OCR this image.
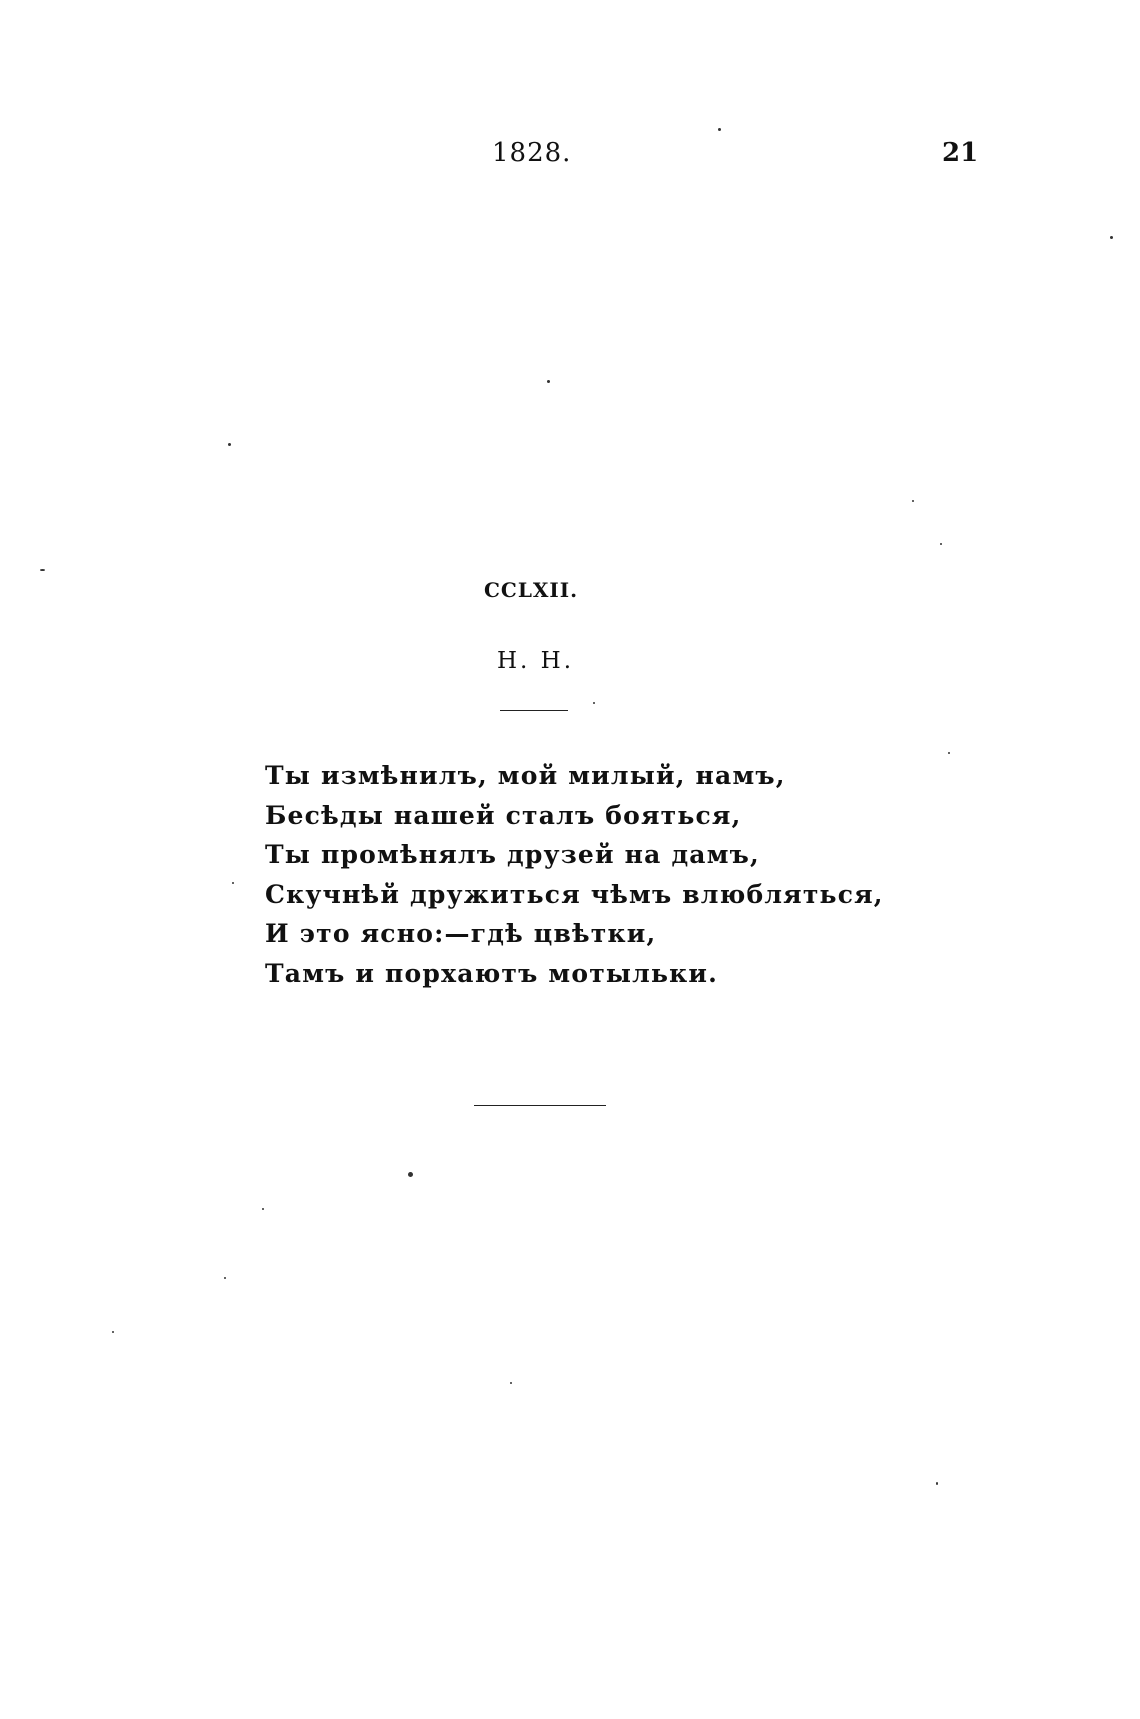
1828.	21
CCLXII.
Н. Н.
Ты измѣнилъ, мой милый, намъ,
Бесѣды нашей сталъ бояться,
Ты промѣнялъ друзей на дамъ,
Скучнѣй дружиться чѣмъ влюбляться,
И это ясно:—гдѣ цвѣтки,
Тамъ и порхаютъ мотыльки.
